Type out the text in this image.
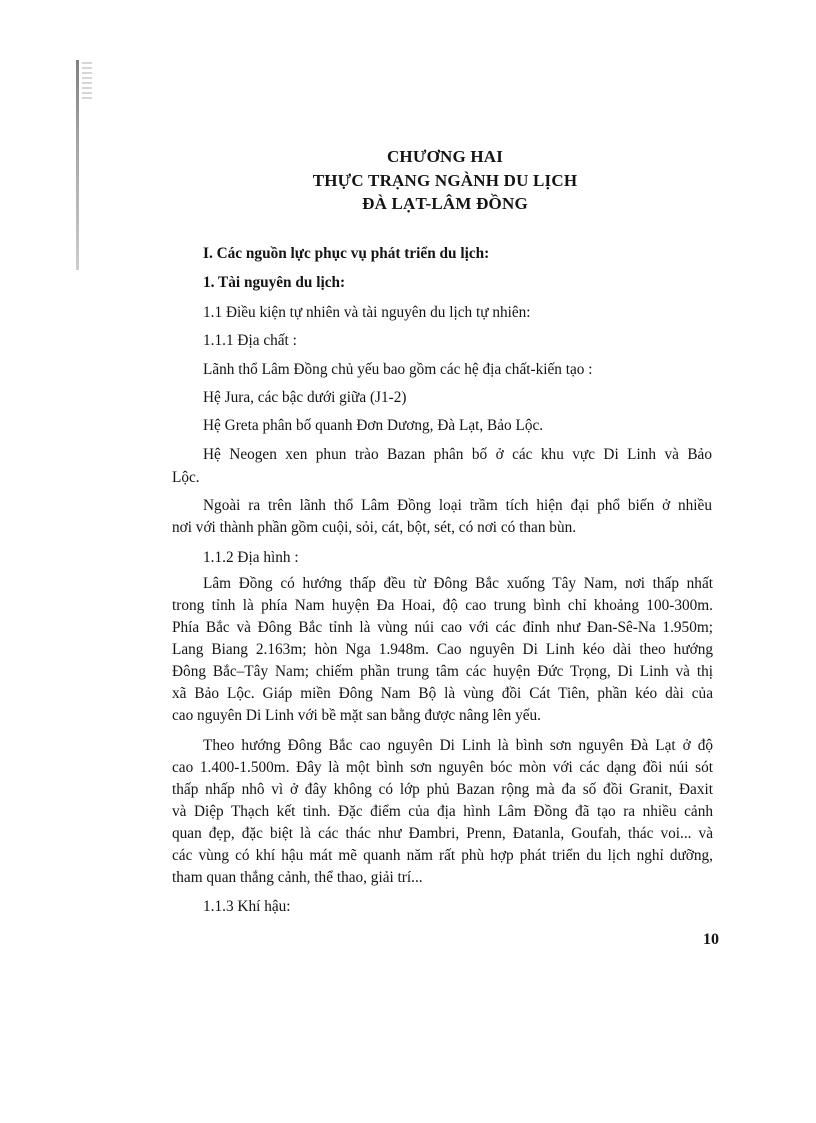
CHƯƠNG HAI
THỰC TRẠNG NGÀNH DU LỊCH
ĐÀ LẠT-LÂM ĐỒNG
I. Các nguồn lực phục vụ phát triển du lịch:
1. Tài nguyên du lịch:
1.1 Điều kiện tự nhiên và tài nguyên du lịch tự nhiên:
1.1.1 Địa chất :
Lãnh thổ Lâm Đồng chủ yếu bao gồm các hệ địa chất-kiến tạo :
Hệ Jura, các bậc dưới giữa (J1-2)
Hệ Greta phân bố quanh Đơn Dương, Đà Lạt, Bảo Lộc.
Hệ Neogen xen phun trào Bazan phân bố ở các khu vực Di Linh và Bảo
Lộc.
Ngoài ra trên lãnh thổ Lâm Đồng loại trầm tích hiện đại phổ biến ở nhiều
nơi với thành phần gồm cuội, sỏi, cát, bột, sét, có nơi có than bùn.
1.1.2 Địa hình :
Lâm Đồng có hướng thấp đều từ Đông Bắc xuống Tây Nam, nơi thấp nhất
trong tỉnh là phía Nam huyện Đa Hoai, độ cao trung bình chỉ khoảng 100-300m.
Phía Bắc và Đông Bắc tỉnh là vùng núi cao với các đỉnh như Đan-Sê-Na 1.950m;
Lang Biang 2.163m; hòn Nga 1.948m. Cao nguyên Di Linh kéo dài theo hướng
Đông Bắc–Tây Nam; chiếm phần trung tâm các huyện Đức Trọng, Di Linh và thị
xã Bảo Lộc. Giáp miền Đông Nam Bộ là vùng đồi Cát Tiên, phần kéo dài của
cao nguyên Di Linh với bề mặt san bằng được nâng lên yếu.
Theo hướng Đông Bắc cao nguyên Di Linh là bình sơn nguyên Đà Lạt ở độ
cao 1.400-1.500m. Đây là một bình sơn nguyên bóc mòn với các dạng đồi núi sót
thấp nhấp nhô vì ở đây không có lớp phủ Bazan rộng mà đa số đồi Granit, Đaxit
và Diệp Thạch kết tinh. Đặc điểm của địa hình Lâm Đồng đã tạo ra nhiều cảnh
quan đẹp, đặc biệt là các thác như Đambri, Prenn, Đatanla, Goufah, thác voi... và
các vùng có khí hậu mát mẽ quanh năm rất phù hợp phát triển du lịch nghỉ dưỡng,
tham quan thắng cảnh, thể thao, giải trí...
1.1.3 Khí hậu:
10
